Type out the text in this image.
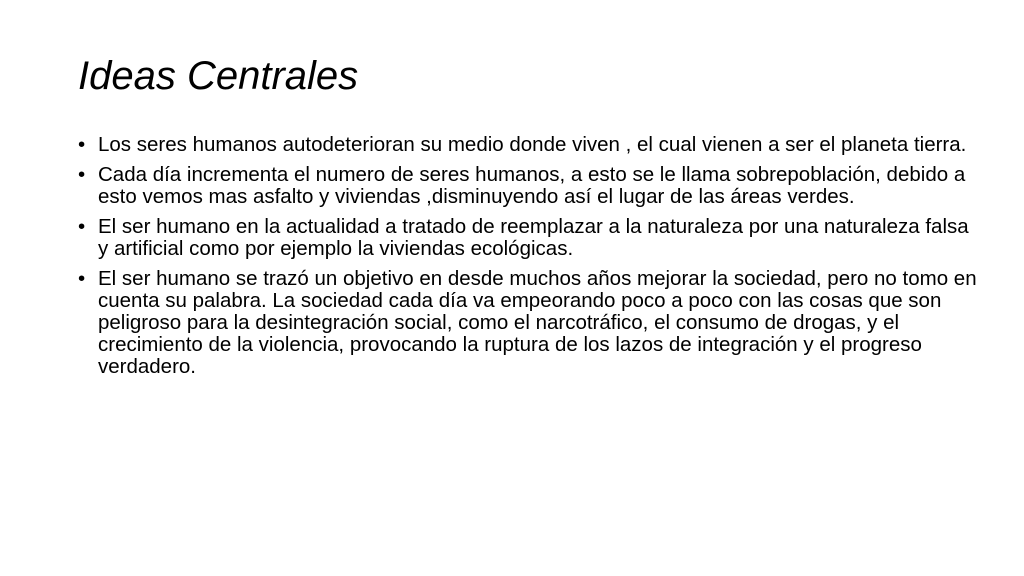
Ideas Centrales
• Los seres humanos autodeterioran su medio donde viven , el cual vienen a ser el planeta tierra.
• Cada día incrementa el numero de seres humanos, a esto se le llama sobrepoblación, debido a esto vemos mas asfalto y viviendas ,disminuyendo así el lugar de las áreas verdes.
• El ser humano en la actualidad a tratado de reemplazar a la naturaleza por una naturaleza falsa y artificial como por ejemplo la viviendas ecológicas.
• El ser humano se trazó un objetivo en desde muchos años mejorar la sociedad, pero no tomo en cuenta su palabra. La sociedad cada día va empeorando poco a poco con las cosas que son peligroso para la desintegración social, como el narcotráfico, el consumo de drogas, y el crecimiento de la violencia, provocando la ruptura de los lazos de integración y el progreso verdadero.
